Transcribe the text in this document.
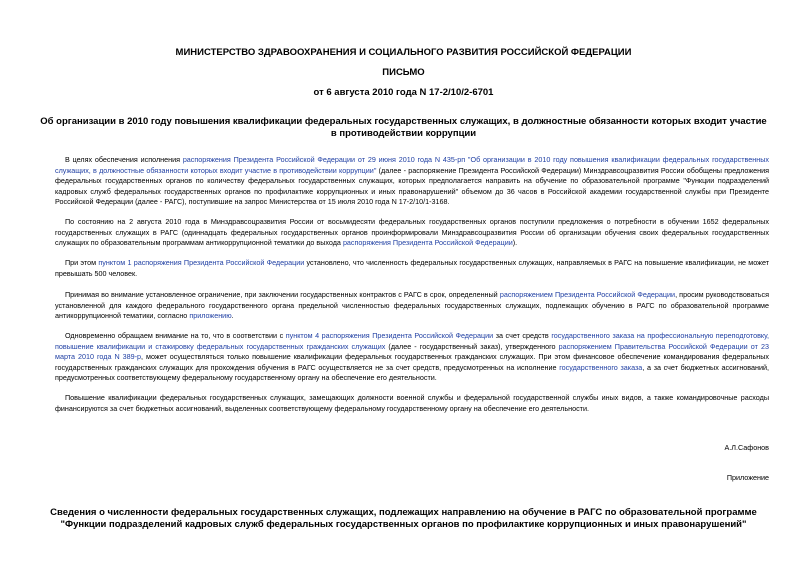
МИНИСТЕРСТВО ЗДРАВООХРАНЕНИЯ И СОЦИАЛЬНОГО РАЗВИТИЯ РОССИЙСКОЙ ФЕДЕРАЦИИ
ПИСЬМО
от 6 августа 2010 года N 17-2/10/2-6701
Об организации в 2010 году повышения квалификации федеральных государственных служащих, в должностные обязанности которых входит участие в противодействии коррупции
В целях обеспечения исполнения распоряжения Президента Российской Федерации от 29 июня 2010 года N 435-рп "Об организации в 2010 году повышения квалификации федеральных государственных служащих, в должностные обязанности которых входит участие в противодействии коррупции" (далее - распоряжение Президента Российской Федерации) Минздравсоцразвития России обобщены предложения федеральных государственных органов по количеству федеральных государственных служащих, которых предполагается направить на обучение по образовательной программе "Функции подразделений кадровых служб федеральных государственных органов по профилактике коррупционных и иных правонарушений" объемом до 36 часов в Российской академии государственной службы при Президенте Российской Федерации (далее - РАГС), поступившие на запрос Министерства от 15 июля 2010 года N 17-2/10/1-3168.
По состоянию на 2 августа 2010 года в Минздравсоцразвития России от восьмидесяти федеральных государственных органов поступили предложения о потребности в обучении 1652 федеральных государственных служащих в РАГС (одиннадцать федеральных государственных органов проинформировали Минздравсоцразвития России об организации обучения своих федеральных государственных служащих по образовательным программам антикоррупционной тематики до выхода распоряжения Президента Российской Федерации).
При этом пунктом 1 распоряжения Президента Российской Федерации установлено, что численность федеральных государственных служащих, направляемых в РАГС на повышение квалификации, не может превышать 500 человек.
Принимая во внимание установленное ограничение, при заключении государственных контрактов с РАГС в срок, определенный распоряжением Президента Российской Федерации, просим руководствоваться установленной для каждого федерального государственного органа предельной численностью федеральных государственных служащих, подлежащих обучению в РАГС по образовательной программе антикоррупционной тематики, согласно приложению.
Одновременно обращаем внимание на то, что в соответствии с пунктом 4 распоряжения Президента Российской Федерации за счет средств государственного заказа на профессиональную переподготовку, повышение квалификации и стажировку федеральных государственных гражданских служащих (далее - государственный заказ), утвержденного распоряжением Правительства Российской Федерации от 23 марта 2010 года N 389-р, может осуществляться только повышение квалификации федеральных государственных гражданских служащих. При этом финансовое обеспечение командирования федеральных государственных гражданских служащих для прохождения обучения в РАГС осуществляется не за счет средств, предусмотренных на исполнение государственного заказа, а за счет бюджетных ассигнований, предусмотренных соответствующему федеральному государственному органу на обеспечение его деятельности.
Повышение квалификации федеральных государственных служащих, замещающих должности военной службы и федеральной государственной службы иных видов, а также командировочные расходы финансируются за счет бюджетных ассигнований, выделенных соответствующему федеральному государственному органу на обеспечение его деятельности.
А.Л.Сафонов
Приложение
Сведения о численности федеральных государственных служащих, подлежащих направлению на обучение в РАГС по образовательной программе "Функции подразделений кадровых служб федеральных государственных органов по профилактике коррупционных и иных правонарушений"
